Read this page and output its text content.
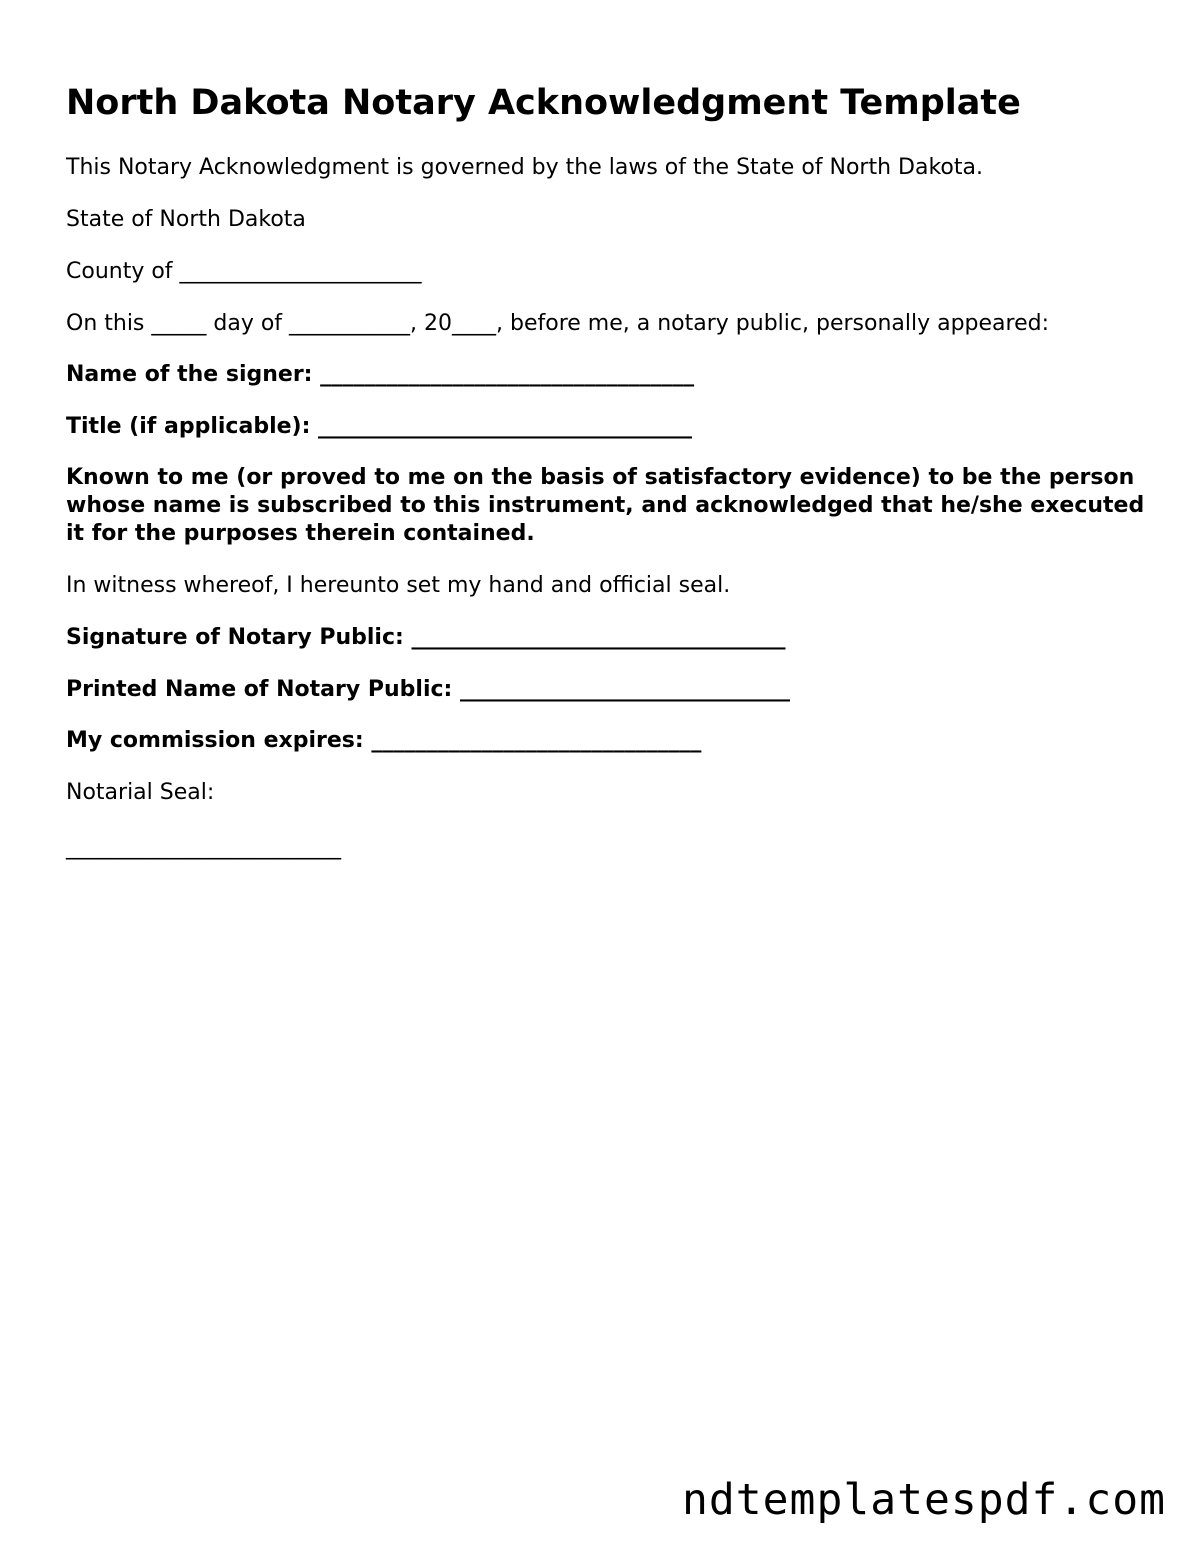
North Dakota Notary Acknowledgment Template

This Notary Acknowledgment is governed by the laws of the State of North Dakota.

State of North Dakota

County of ______________________

On this _____ day of ___________, 20____, before me, a notary public, personally appeared:

Name of the signer: __________________________________

Title (if applicable): __________________________________

Known to me (or proved to me on the basis of satisfactory evidence) to be the person whose name is subscribed to this instrument, and acknowledged that he/she executed it for the purposes therein contained.

In witness whereof, I hereunto set my hand and official seal.

Signature of Notary Public: __________________________________

Printed Name of Notary Public: ______________________________

My commission expires: ______________________________

Notarial Seal:

_________________________

ndtemplatespdf.com
